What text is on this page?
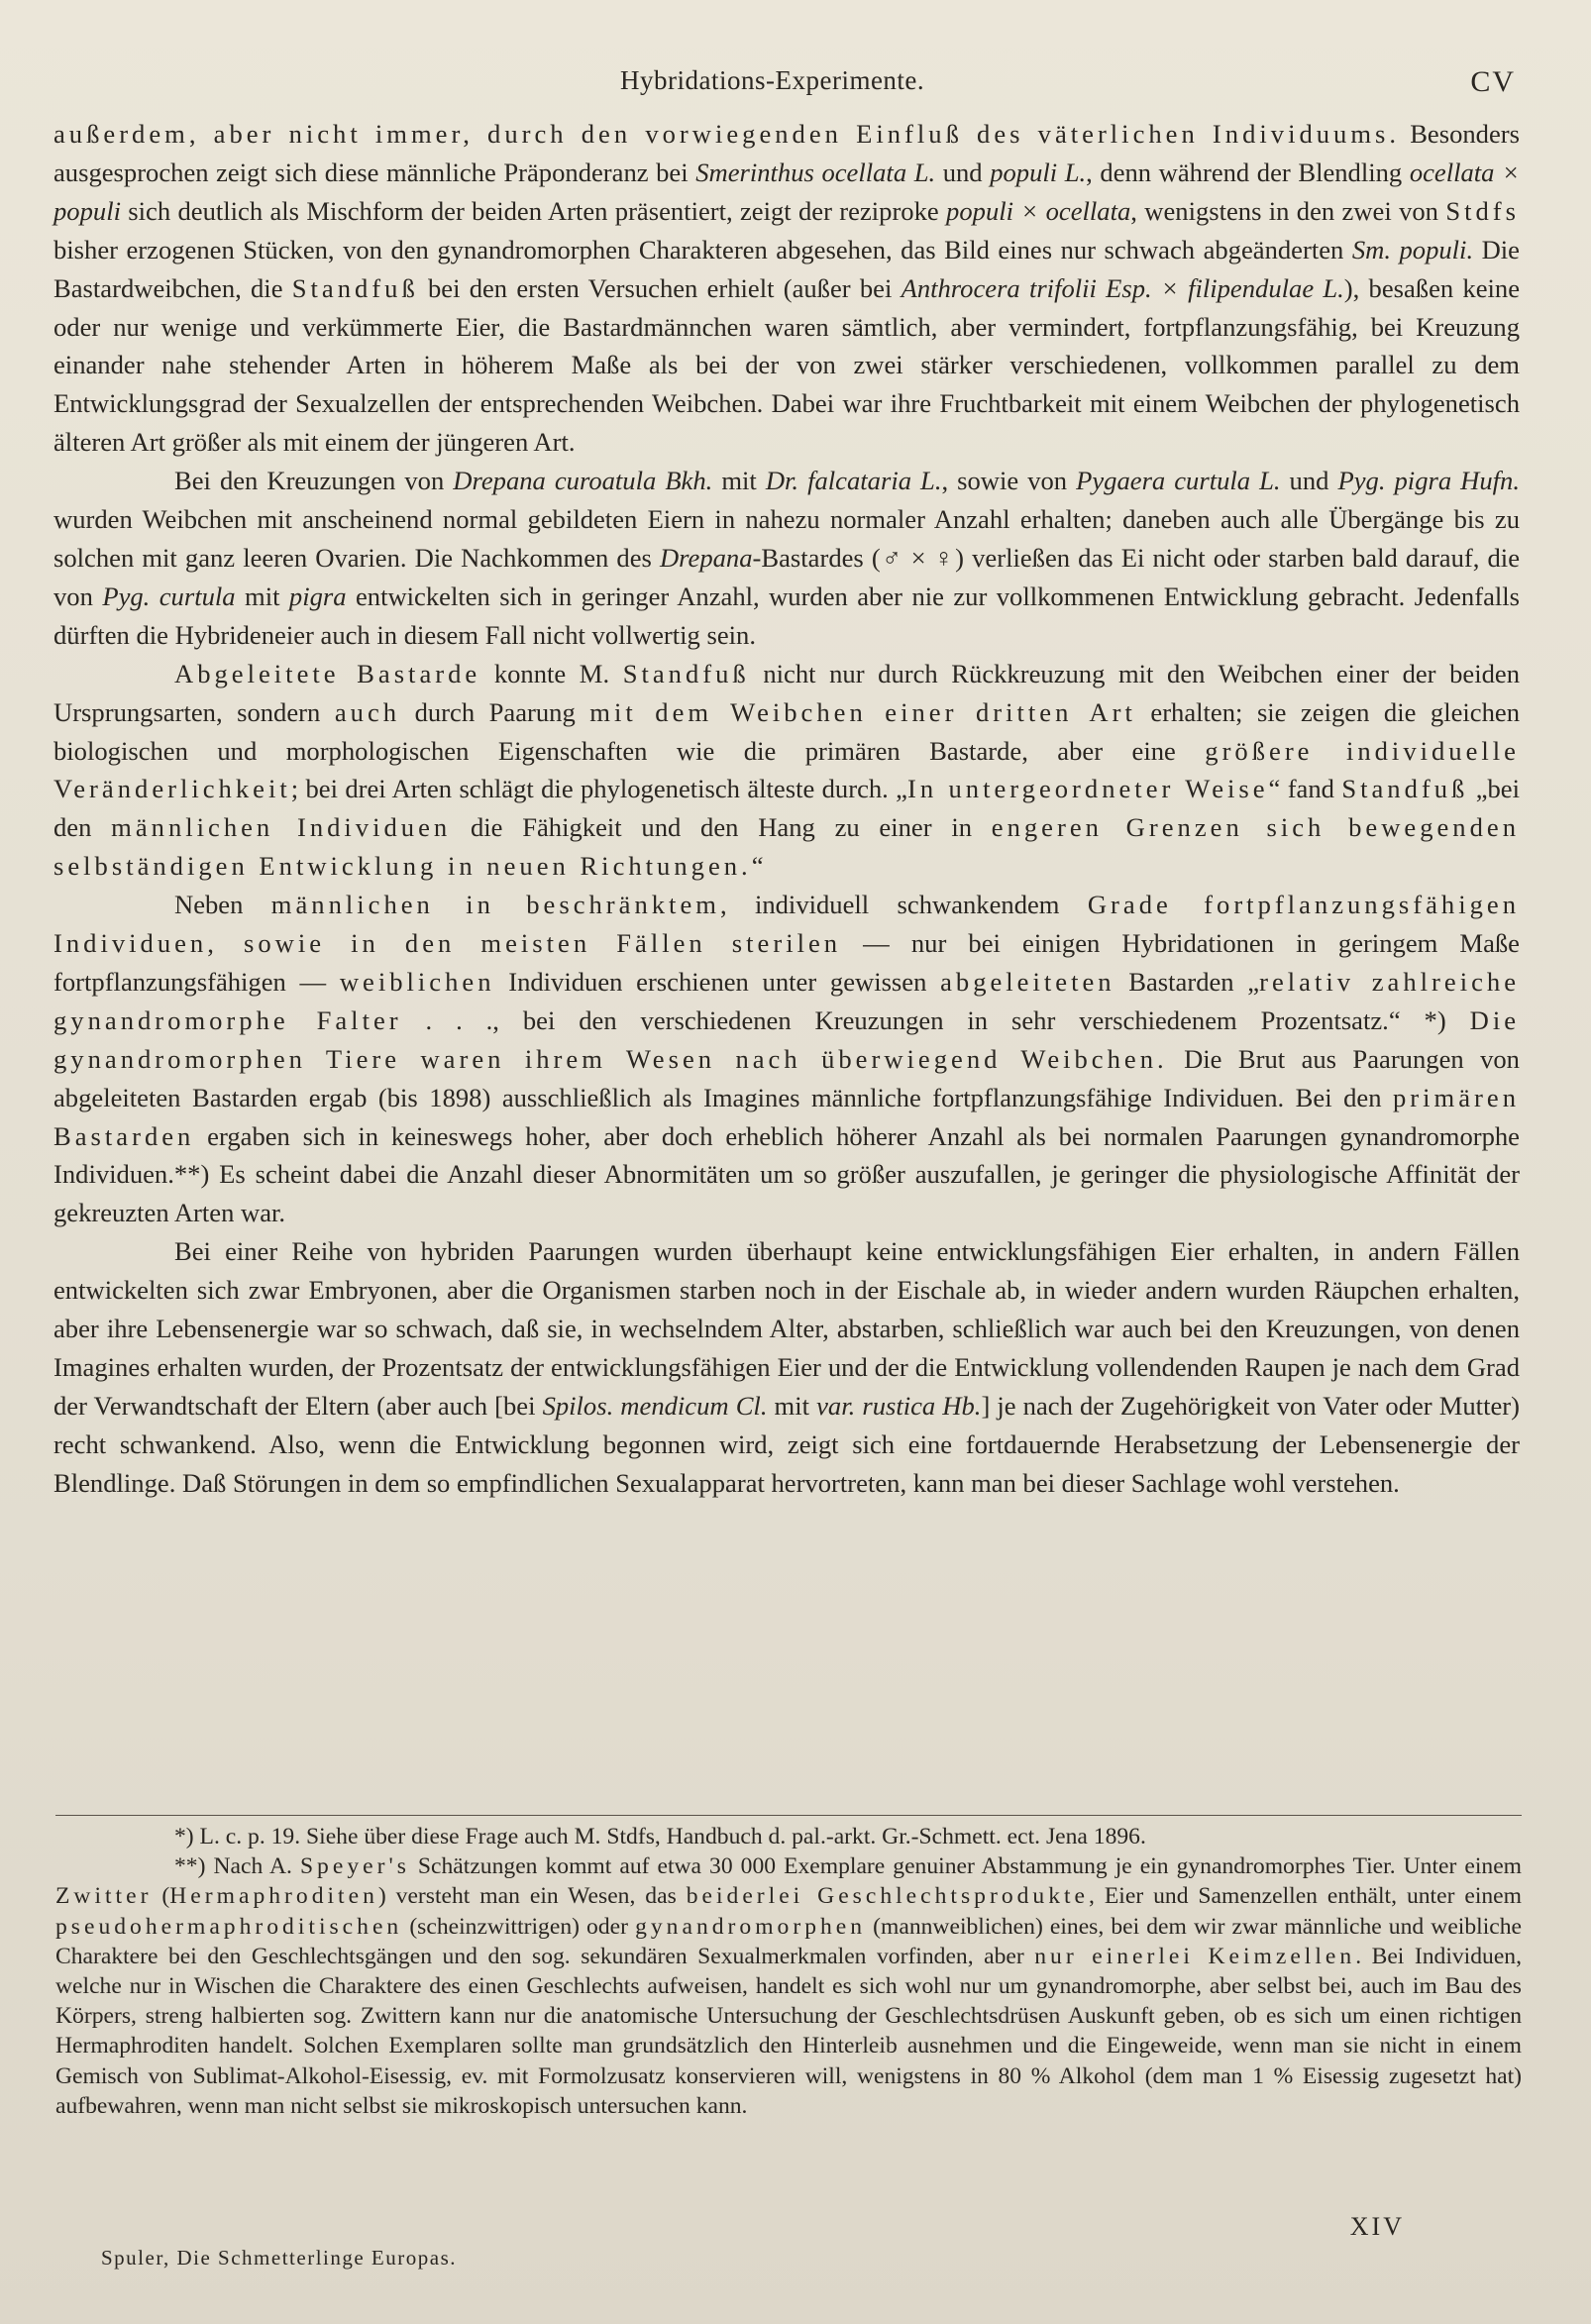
Hybridations-Experimente.	CV

außerdem, aber nicht immer, durch den vorwiegenden Einfluß des väterlichen Individuums. Besonders ausgesprochen zeigt sich diese männliche Präponderanz bei Smerinthus ocellata L. und populi L., denn während der Blendling ocellata × populi sich deutlich als Mischform der beiden Arten präsentiert, zeigt der reziproke populi × ocellata, wenigstens in den zwei von Stdfs bisher erzogenen Stücken, von den gynandromorphen Charakteren abgesehen, das Bild eines nur schwach abgeänderten Sm. populi. Die Bastardweibchen, die Standfuß bei den ersten Versuchen erhielt (außer bei Anthrocera trifolii Esp. × filipendulae L.), besaßen keine oder nur wenige und verkümmerte Eier, die Bastardmännchen waren sämtlich, aber vermindert, fortpflanzungsfähig, bei Kreuzung einander nahe stehender Arten in höherem Maße als bei der von zwei stärker verschiedenen, vollkommen parallel zu dem Entwicklungsgrad der Sexualzellen der entsprechenden Weibchen. Dabei war ihre Fruchtbarkeit mit einem Weibchen der phylogenetisch älteren Art größer als mit einem der jüngeren Art.

Bei den Kreuzungen von Drepana curoatula Bkh. mit Dr. falcataria L., sowie von Pygaera curtula L. und Pyg. pigra Hufn. wurden Weibchen mit anscheinend normal gebildeten Eiern in nahezu normaler Anzahl erhalten; daneben auch alle Übergänge bis zu solchen mit ganz leeren Ovarien. Die Nachkommen des Drepana-Bastardes (♂ × ♀) verließen das Ei nicht oder starben bald darauf, die von Pyg. curtula mit pigra entwickelten sich in geringer Anzahl, wurden aber nie zur vollkommenen Entwicklung gebracht. Jedenfalls dürften die Hybrideneier auch in diesem Fall nicht vollwertig sein.

Abgeleitete Bastarde konnte M. Standfuß nicht nur durch Rückkreuzung mit den Weibchen einer der beiden Ursprungsarten, sondern auch durch Paarung mit dem Weibchen einer dritten Art erhalten; sie zeigen die gleichen biologischen und morphologischen Eigenschaften wie die primären Bastarde, aber eine größere individuelle Veränderlichkeit; bei drei Arten schlägt die phylogenetisch älteste durch. „In untergeordneter Weise“ fand Standfuß „bei den männlichen Individuen die Fähigkeit und den Hang zu einer in engeren Grenzen sich bewegenden selbständigen Entwicklung in neuen Richtungen.“

Neben männlichen in beschränktem, individuell schwankendem Grade fortpflanzungsfähigen Individuen, sowie in den meisten Fällen sterilen — nur bei einigen Hybridationen in geringem Maße fortpflanzungsfähigen — weiblichen Individuen erschienen unter gewissen abgeleiteten Bastarden „relativ zahlreiche gynandromorphe Falter . . ., bei den verschiedenen Kreuzungen in sehr verschiedenem Prozentsatz.“ *) Die gynandromorphen Tiere waren ihrem Wesen nach überwiegend Weibchen. Die Brut aus Paarungen von abgeleiteten Bastarden ergab (bis 1898) ausschließlich als Imagines männliche fortpflanzungsfähige Individuen. Bei den primären Bastarden ergaben sich in keineswegs hoher, aber doch erheblich höherer Anzahl als bei normalen Paarungen gynandromorphe Individuen.**) Es scheint dabei die Anzahl dieser Abnormitäten um so größer auszufallen, je geringer die physiologische Affinität der gekreuzten Arten war.

Bei einer Reihe von hybriden Paarungen wurden überhaupt keine entwicklungsfähigen Eier erhalten, in andern Fällen entwickelten sich zwar Embryonen, aber die Organismen starben noch in der Eischale ab, in wieder andern wurden Räupchen erhalten, aber ihre Lebensenergie war so schwach, daß sie, in wechselndem Alter, abstarben, schließlich war auch bei den Kreuzungen, von denen Imagines erhalten wurden, der Prozentsatz der entwicklungsfähigen Eier und der die Entwicklung vollendenden Raupen je nach dem Grad der Verwandtschaft der Eltern (aber auch [bei Spilos. mendicum Cl. mit var. rustica Hb.] je nach der Zugehörigkeit von Vater oder Mutter) recht schwankend. Also, wenn die Entwicklung begonnen wird, zeigt sich eine fortdauernde Herabsetzung der Lebensenergie der Blendlinge. Daß Störungen in dem so empfindlichen Sexualapparat hervortreten, kann man bei dieser Sachlage wohl verstehen.

*) L. c. p. 19. Siehe über diese Frage auch M. Stdfs, Handbuch d. pal.-arkt. Gr.-Schmett. ect. Jena 1896.

**) Nach A. Speyer's Schätzungen kommt auf etwa 30 000 Exemplare genuiner Abstammung je ein gynandromorphes Tier. Unter einem Zwitter (Hermaphroditen) versteht man ein Wesen, das beiderlei Geschlechtsprodukte, Eier und Samenzellen enthält, unter einem pseudohermaphroditischen (scheinzwittrigen) oder gynandromorphen (mannweiblichen) eines, bei dem wir zwar männliche und weibliche Charaktere bei den Geschlechtsgängen und den sog. sekundären Sexualmerkmalen vorfinden, aber nur einerlei Keimzellen. Bei Individuen, welche nur in Wischen die Charaktere des einen Geschlechts aufweisen, handelt es sich wohl nur um gynandromorphe, aber selbst bei, auch im Bau des Körpers, streng halbierten sog. Zwittern kann nur die anatomische Untersuchung der Geschlechtsdrüsen Auskunft geben, ob es sich um einen richtigen Hermaphroditen handelt. Solchen Exemplaren sollte man grundsätzlich den Hinterleib ausnehmen und die Eingeweide, wenn man sie nicht in einem Gemisch von Sublimat-Alkohol-Eisessig, ev. mit Formolzusatz konservieren will, wenigstens in 80 % Alkohol (dem man 1 % Eisessig zugesetzt hat) aufbewahren, wenn man nicht selbst sie mikroskopisch untersuchen kann.

XIV
Spuler, Die Schmetterlinge Europas.
